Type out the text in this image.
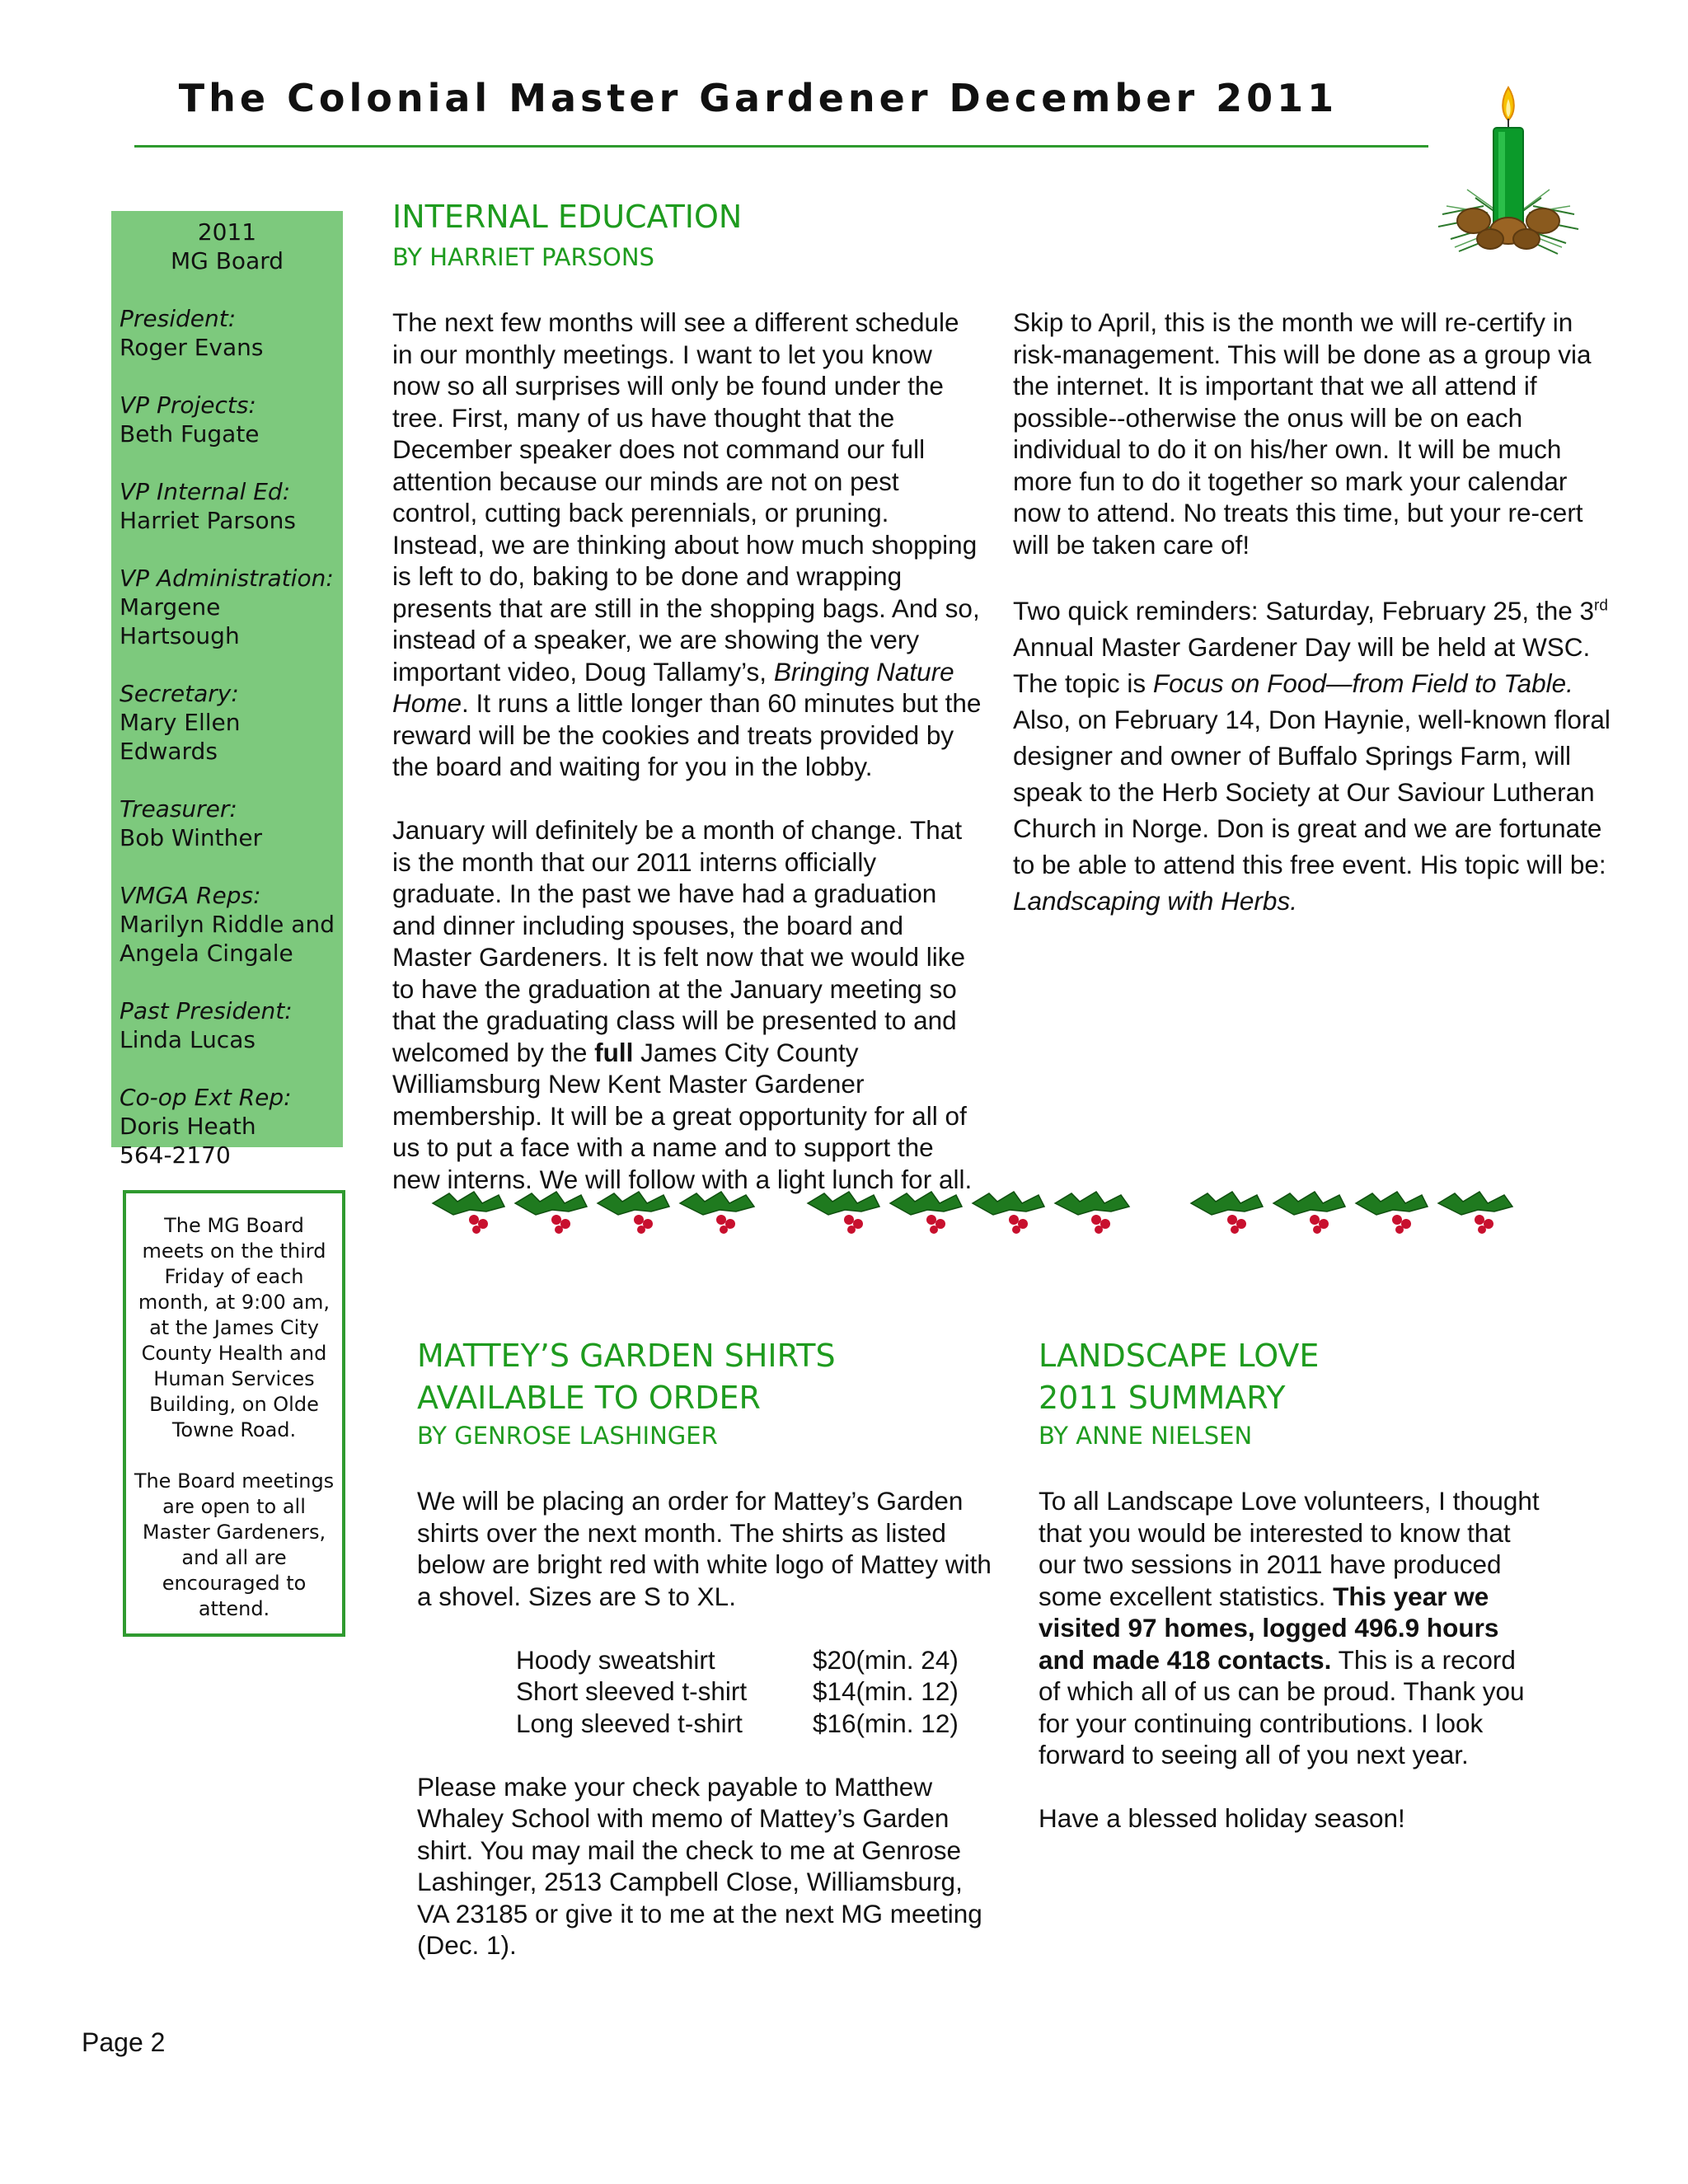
The Colonial Master Gardener December 2011
2011
MG Board
President:
Roger Evans
VP Projects:
Beth Fugate
VP Internal Ed:
Harriet Parsons
VP Administration:
Margene Hartsough
Secretary:
Mary Ellen Edwards
Treasurer:
Bob Winther
VMGA Reps:
Marilyn Riddle and
Angela Cingale
Past President:
Linda Lucas
Co-op Ext Rep:
Doris Heath
564-2170

The MG Board meets on the third Friday of each month, at 9:00 am, at the James City County Health and Human Services Building, on Olde Towne Road.

The Board meetings are open to all Master Gardeners, and all are encouraged to attend.

INTERNAL EDUCATION
BY HARRIET PARSONS

The next few months will see a different schedule in our monthly meetings. I want to let you know now so all surprises will only be found under the tree. First, many of us have thought that the December speaker does not command our full attention because our minds are not on pest control, cutting back perennials, or pruning. Instead, we are thinking about how much shopping is left to do, baking to be done and wrapping presents that are still in the shopping bags. And so, instead of a speaker, we are showing the very important video, Doug Tallamy’s, Bringing Nature Home. It runs a little longer than 60 minutes but the reward will be the cookies and treats provided by the board and waiting for you in the lobby.

January will definitely be a month of change. That is the month that our 2011 interns officially graduate. In the past we have had a graduation and dinner including spouses, the board and Master Gardeners. It is felt now that we would like to have the graduation at the January meeting so that the graduating class will be presented to and welcomed by the full James City County Williamsburg New Kent Master Gardener membership. It will be a great opportunity for all of us to put a face with a name and to support the new interns. We will follow with a light lunch for all.

Skip to April, this is the month we will re-certify in risk-management. This will be done as a group via the internet. It is important that we all attend if possible--otherwise the onus will be on each individual to do it on his/her own. It will be much more fun to do it together so mark your calendar now to attend. No treats this time, but your re-cert will be taken care of!

Two quick reminders: Saturday, February 25, the 3rd Annual Master Gardener Day will be held at WSC. The topic is Focus on Food—from Field to Table. Also, on February 14, Don Haynie, well-known floral designer and owner of Buffalo Springs Farm, will speak to the Herb Society at Our Saviour Lutheran Church in Norge. Don is great and we are fortunate to be able to attend this free event. His topic will be: Landscaping with Herbs.

MATTEY’S GARDEN SHIRTS
AVAILABLE TO ORDER
BY GENROSE LASHINGER

We will be placing an order for Mattey’s Garden shirts over the next month. The shirts as listed below are bright red with white logo of Mattey with a shovel. Sizes are S to XL.

Hoody sweatshirt	$20(min. 24)
Short sleeved t-shirt	$14(min. 12)
Long sleeved t-shirt	$16(min. 12)

Please make your check payable to Matthew Whaley School with memo of Mattey’s Garden shirt. You may mail the check to me at Genrose Lashinger, 2513 Campbell Close, Williamsburg, VA 23185 or give it to me at the next MG meeting (Dec. 1).

LANDSCAPE LOVE
2011 SUMMARY
BY ANNE NIELSEN

To all Landscape Love volunteers, I thought that you would be interested to know that our two sessions in 2011 have produced some excellent statistics. This year we visited 97 homes, logged 496.9 hours and made 418 contacts. This is a record of which all of us can be proud. Thank you for your continuing contributions. I look forward to seeing all of you next year.

Have a blessed holiday season!

Page 2
